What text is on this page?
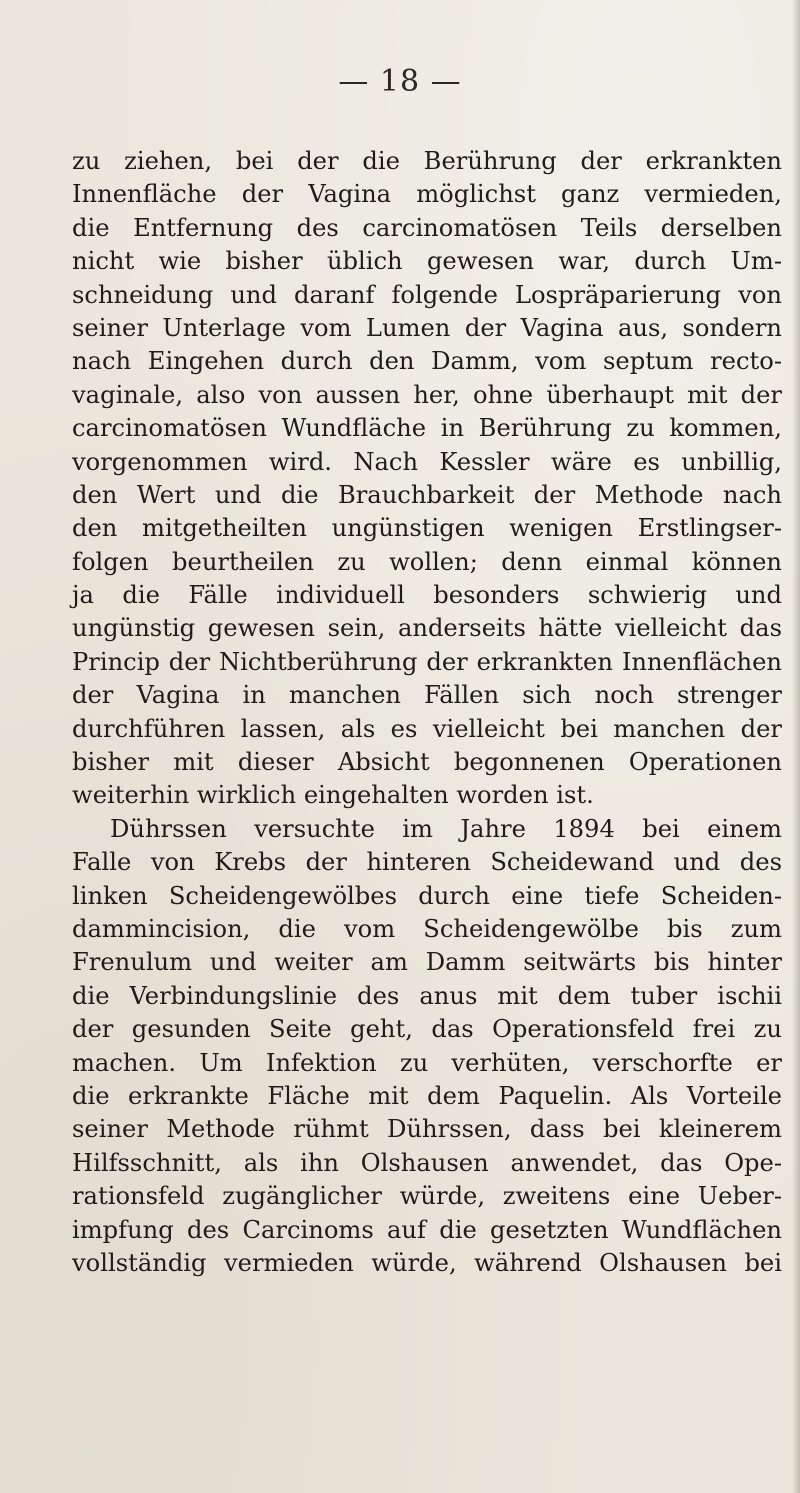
— 18 —
zu ziehen, bei der die Berührung der erkrankten
Innenfläche der Vagina möglichst ganz vermieden,
die Entfernung des carcinomatösen Teils derselben
nicht wie bisher üblich gewesen war, durch Um-
schneidung und daranf folgende Lospräparierung von
seiner Unterlage vom Lumen der Vagina aus, sondern
nach Eingehen durch den Damm, vom septum recto-
vaginale, also von aussen her, ohne überhaupt mit der
carcinomatösen Wundfläche in Berührung zu kommen,
vorgenommen wird. Nach Kessler wäre es unbillig,
den Wert und die Brauchbarkeit der Methode nach
den mitgetheilten ungünstigen wenigen Erstlingser-
folgen beurtheilen zu wollen; denn einmal können
ja die Fälle individuell besonders schwierig und
ungünstig gewesen sein, anderseits hätte vielleicht das
Princip der Nichtberührung der erkrankten Innenflächen
der Vagina in manchen Fällen sich noch strenger
durchführen lassen, als es vielleicht bei manchen der
bisher mit dieser Absicht begonnenen Operationen
weiterhin wirklich eingehalten worden ist.
Dührssen versuchte im Jahre 1894 bei einem
Falle von Krebs der hinteren Scheidewand und des
linken Scheidengewölbes durch eine tiefe Scheiden-
dammincision, die vom Scheidengewölbe bis zum
Frenulum und weiter am Damm seitwärts bis hinter
die Verbindungslinie des anus mit dem tuber ischii
der gesunden Seite geht, das Operationsfeld frei zu
machen. Um Infektion zu verhüten, verschorfte er
die erkrankte Fläche mit dem Paquelin. Als Vorteile
seiner Methode rühmt Dührssen, dass bei kleinerem
Hilfsschnitt, als ihn Olshausen anwendet, das Ope-
rationsfeld zugänglicher würde, zweitens eine Ueber-
impfung des Carcinoms auf die gesetzten Wundflächen
vollständig vermieden würde, während Olshausen bei
